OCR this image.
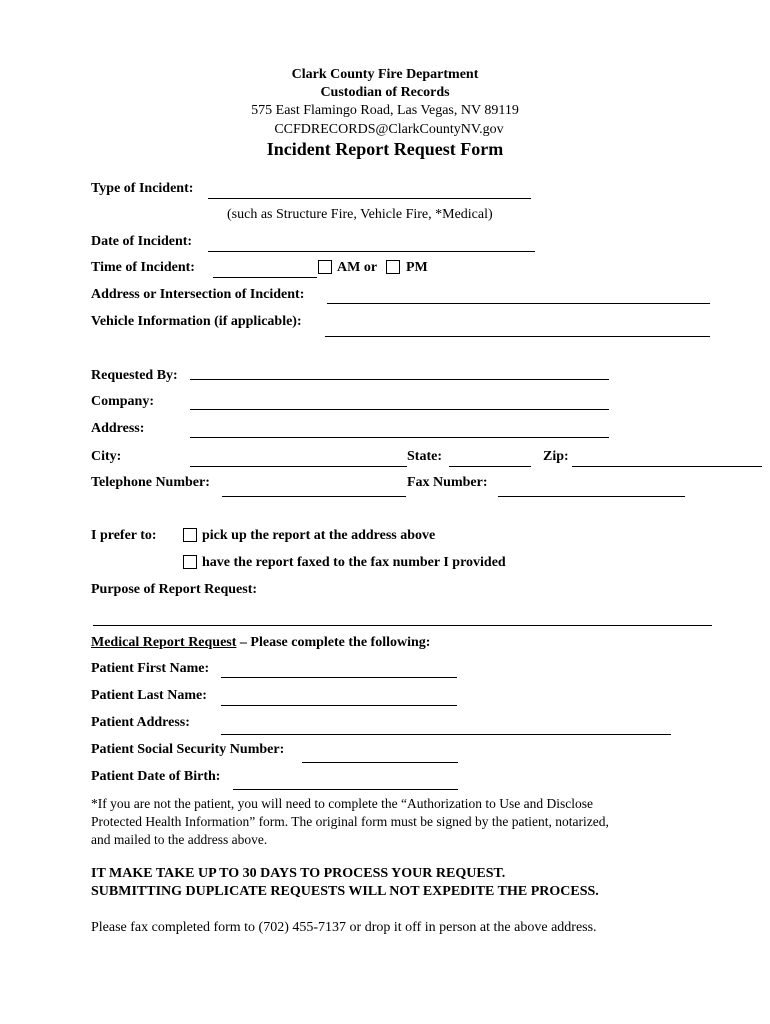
Clark County Fire Department
Custodian of Records
575 East Flamingo Road, Las Vegas, NV 89119
CCFDRECORDS@ClarkCountyNV.gov
Incident Report Request Form
Type of Incident:
(such as Structure Fire, Vehicle Fire, *Medical)
Date of Incident:
Time of Incident:	AM or PM
Address or Intersection of Incident:
Vehicle Information (if applicable):
Requested By:
Company:
Address:
City:	State:	Zip:
Telephone Number:	Fax Number:
I prefer to:	pick up the report at the address above
have the report faxed to the fax number I provided
Purpose of Report Request:
Medical Report Request – Please complete the following:
Patient First Name:
Patient Last Name:
Patient Address:
Patient Social Security Number:
Patient Date of Birth:
*If you are not the patient, you will need to complete the “Authorization to Use and Disclose
Protected Health Information” form. The original form must be signed by the patient, notarized,
and mailed to the address above.
IT MAKE TAKE UP TO 30 DAYS TO PROCESS YOUR REQUEST.
SUBMITTING DUPLICATE REQUESTS WILL NOT EXPEDITE THE PROCESS.
Please fax completed form to (702) 455-7137 or drop it off in person at the above address.
